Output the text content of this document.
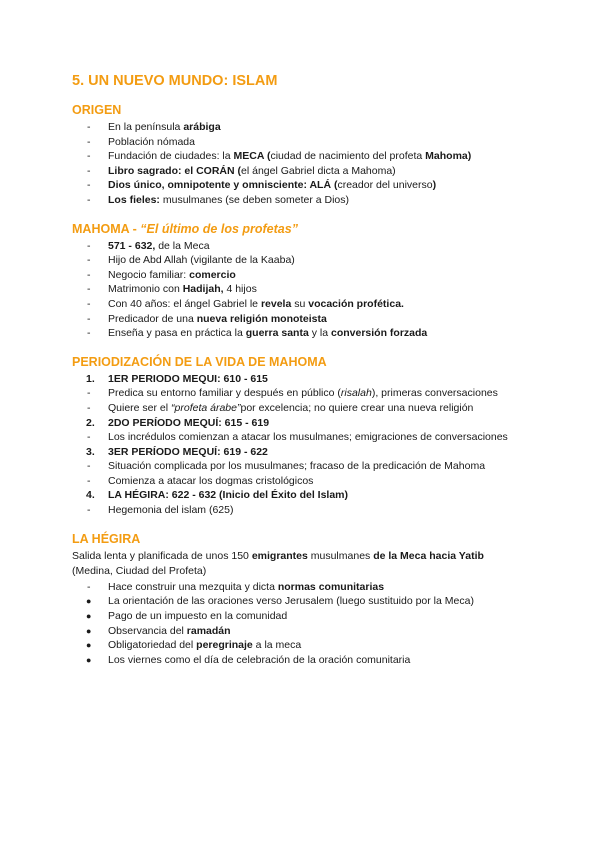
5. UN NUEVO MUNDO: ISLAM
ORIGEN
- En la península arábiga
- Población nómada
- Fundación de ciudades: la MECA (ciudad de nacimiento del profeta Mahoma)
- Libro sagrado: el CORÁN (el ángel Gabriel dicta a Mahoma)
- Dios único, omnipotente y omnisciente: ALÁ (creador del universo)
- Los fieles: musulmanes (se deben someter a Dios)
MAHOMA - “El último de los profetas”
- 571 - 632, de la Meca
- Hijo de Abd Allah (vigilante de la Kaaba)
- Negocio familiar: comercio
- Matrimonio con Hadijah, 4 hijos
- Con 40 años: el ángel Gabriel le revela su vocación profética.
- Predicador de una nueva religión monoteista
- Enseña y pasa en práctica la guerra santa y la conversión forzada
PERIODIZACIÓN DE LA VIDA DE MAHOMA
1. 1ER PERIODO MEQUI: 610 - 615
- Predica su entorno familiar y después en público (risalah), primeras conversaciones
- Quiere ser el “profeta árabe”por excelencia; no quiere crear una nueva religión
2. 2DO PERÍODO MEQUÍ: 615 - 619
- Los incrédulos comienzan a atacar los musulmanes; emigraciones de conversaciones
3. 3ER PERÍODO MEQUÍ: 619 - 622
- Situación complicada por los musulmanes; fracaso de la predicación de Mahoma
- Comienza a atacar los dogmas cristológicos
4. LA HÉGIRA: 622 - 632 (Inicio del Éxito del Islam)
- Hegemonia del islam (625)
LA HÉGIRA
Salida lenta y planificada de unos 150 emigrantes musulmanes de la Meca hacia Yatib
(Medina, Ciudad del Profeta)
- Hace construir una mezquita y dicta normas comunitarias
● La orientación de las oraciones verso Jerusalem (luego sustituido por la Meca)
● Pago de un impuesto en la comunidad
● Observancia del ramadán
● Obligatoriedad del peregrinaje a la meca
● Los viernes como el día de celebración de la oración comunitaria
